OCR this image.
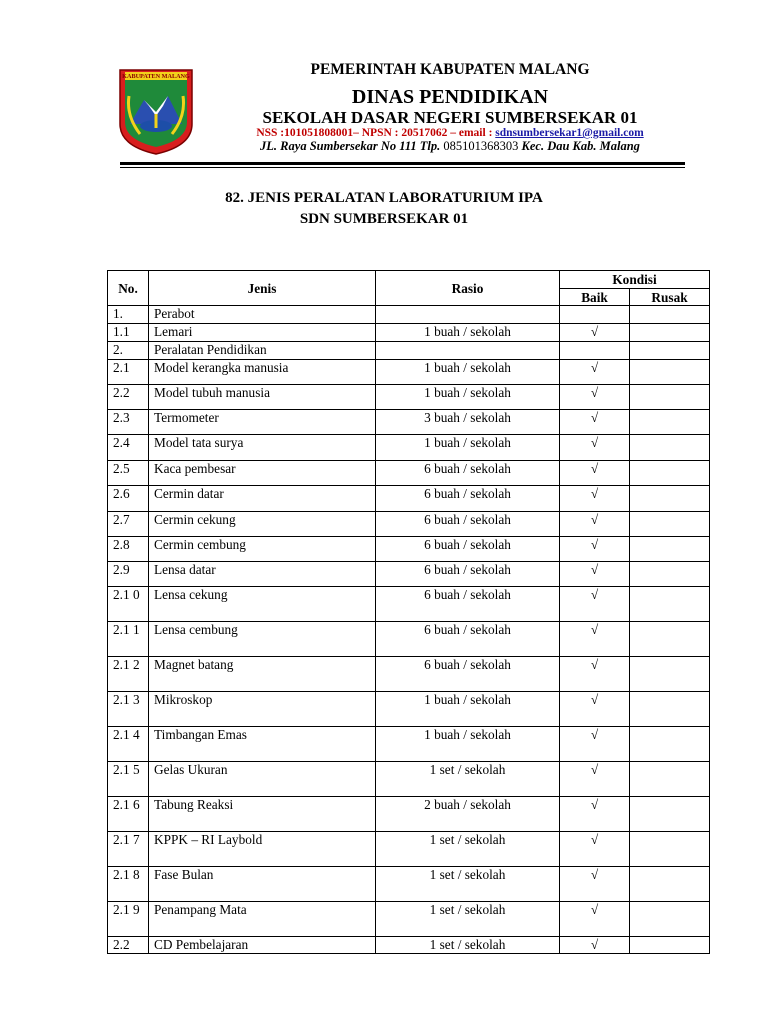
KABUPATEN MALANG	PEMERINTAH KABUPATEN MALANG
DINAS PENDIDIKAN
SEKOLAH DASAR NEGERI SUMBERSEKAR 01
NSS :101051808001– NPSN : 20517062 – email : sdnsumbersekar1@gmail.com
JL. Raya Sumbersekar No 111 Tlp. 085101368303 Kec. Dau Kab. Malang
82. JENIS PERALATAN LABORATURIUM IPA
SDN SUMBERSEKAR 01
No.	Jenis	Rasio	Kondisi	
			Baik	Rusak
1.	Perabot			
1.1	Lemari	1 buah / sekolah	√	
2.	Peralatan Pendidikan			
2.1	Model kerangka manusia	1 buah / sekolah	√	
2.2	Model tubuh manusia	1 buah / sekolah	√	
2.3	Termometer	3 buah / sekolah	√	
2.4	Model tata surya	1 buah / sekolah	√	
2.5	Kaca pembesar	6 buah / sekolah	√	
2.6	Cermin datar	6 buah / sekolah	√	
2.7	Cermin cekung	6 buah / sekolah	√	
2.8	Cermin cembung	6 buah / sekolah	√	
2.9	Lensa datar	6 buah / sekolah	√	
2.1 0	Lensa cekung	6 buah / sekolah	√	
2.1 1	Lensa cembung	6 buah / sekolah	√	
2.1 2	Magnet batang	6 buah / sekolah	√	
2.1 3	Mikroskop	1 buah / sekolah	√	
2.1 4	Timbangan Emas	1 buah / sekolah	√	
2.1 5	Gelas Ukuran	1 set / sekolah	√	
2.1 6	Tabung Reaksi	2 buah / sekolah	√	
2.1 7	KPPK – RI Laybold	1 set / sekolah	√	
2.1 8	Fase Bulan	1 set / sekolah	√	
2.1 9	Penampang Mata	1 set / sekolah	√	
2.2	CD Pembelajaran	1 set / sekolah	√	
